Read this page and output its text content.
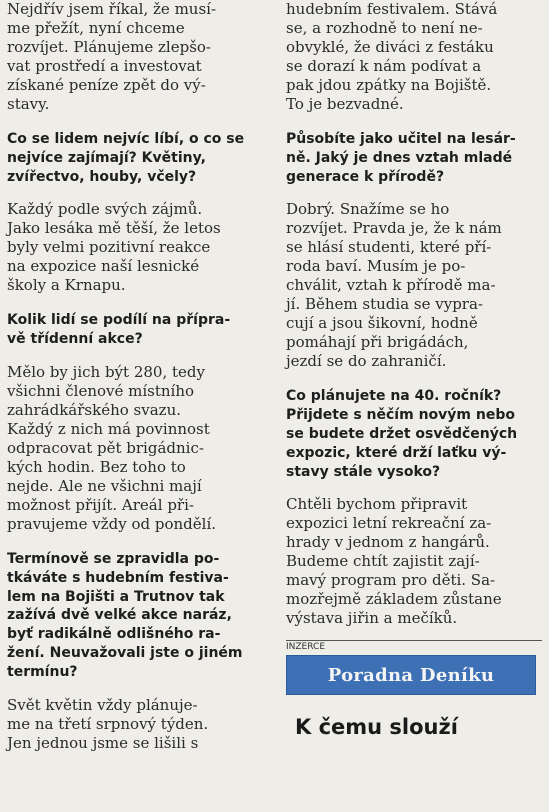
Nejdřív jsem říkal, že musí-
me přežít, nyní chceme
rozvíjet. Plánujeme zlepšo-
vat prostředí a investovat
získané peníze zpět do vý-
stavy.
Co se lidem nejvíc líbí, o co se
nejvíce zajímají? Květiny,
zvířectvo, houby, včely?
Každý podle svých zájmů.
Jako lesáka mě těší, že letos
byly velmi pozitivní reakce
na expozice naší lesnické
školy a Krnapu.
Kolik lidí se podílí na přípra-
vě třídenní akce?
Mělo by jich být 280, tedy
všichni členové místního
zahrádkářského svazu.
Každý z nich má povinnost
odpracovat pět brigádnic-
kých hodin. Bez toho to
nejde. Ale ne všichni mají
možnost přijít. Areál při-
pravujeme vždy od pondělí.
Termínově se zpravidla po-
tkáváte s hudebním festiva-
lem na Bojišti a Trutnov tak
zažívá dvě velké akce naráz,
byť radikálně odlišného ra-
žení. Neuvažovali jste o jiném
termínu?
Svět květin vždy plánuje-
me na třetí srpnový týden.
Jen jednou jsme se lišili s
hudebním festivalem. Stává
se, a rozhodně to není ne-
obvyklé, že diváci z festáku
se dorazí k nám podívat a
pak jdou zpátky na Bojiště.
To je bezvadné.
Působíte jako učitel na lesár-
ně. Jaký je dnes vztah mladé
generace k přírodě?
Dobrý. Snažíme se ho
rozvíjet. Pravda je, že k nám
se hlásí studenti, které pří-
roda baví. Musím je po-
chválit, vztah k přírodě ma-
jí. Během studia se vypra-
cují a jsou šikovní, hodně
pomáhají při brigádách,
jezdí se do zahraničí.
Co plánujete na 40. ročník?
Přijdete s něčím novým nebo
se budete držet osvědčených
expozic, které drží laťku vý-
stavy stále vysoko?
Chtěli bychom připravit
expozici letní rekreační za-
hrady v jednom z hangárů.
Budeme chtít zajistit zají-
mavý program pro děti. Sa-
mozřejmě základem zůstane
výstava jiřin a mečíků.
INZERCE
Poradna Deníku
K čemu slouží
